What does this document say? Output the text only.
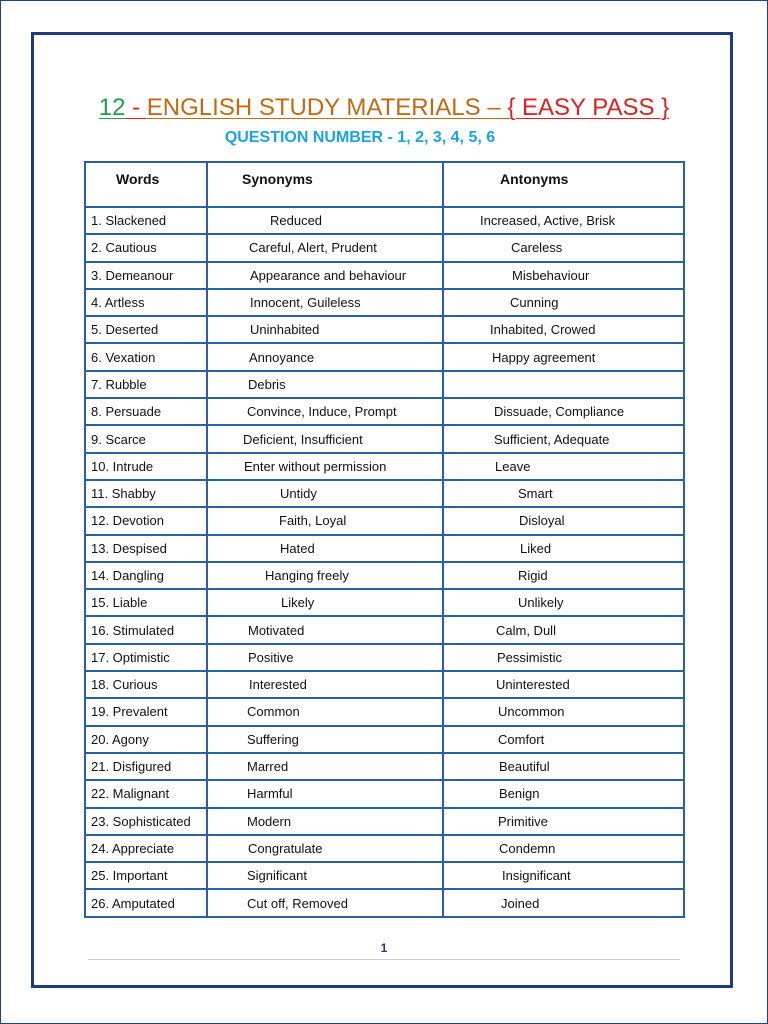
12 - ENGLISH STUDY MATERIALS – { EASY PASS }
QUESTION NUMBER - 1, 2, 3, 4, 5, 6
Words	Synonyms	Antonyms
1. Slackened	Reduced	Increased, Active, Brisk
2. Cautious	Careful, Alert, Prudent	Careless
3. Demeanour	Appearance and behaviour	Misbehaviour
4. Artless	Innocent, Guileless	Cunning
5. Deserted	Uninhabited	Inhabited, Crowed
6. Vexation	Annoyance	Happy agreement
7. Rubble	Debris	
8. Persuade	Convince, Induce, Prompt	Dissuade, Compliance
9. Scarce	Deficient, Insufficient	Sufficient, Adequate
10. Intrude	Enter without permission	Leave
11. Shabby	Untidy	Smart
12. Devotion	Faith, Loyal	Disloyal
13. Despised	Hated	Liked
14. Dangling	Hanging freely	Rigid
15. Liable	Likely	Unlikely
16. Stimulated	Motivated	Calm, Dull
17. Optimistic	Positive	Pessimistic
18. Curious	Interested	Uninterested
19. Prevalent	Common	Uncommon
20. Agony	Suffering	Comfort
21. Disfigured	Marred	Beautiful
22. Malignant	Harmful	Benign
23. Sophisticated	Modern	Primitive
24. Appreciate	Congratulate	Condemn
25. Important	Significant	Insignificant
26. Amputated	Cut off, Removed	Joined
1
